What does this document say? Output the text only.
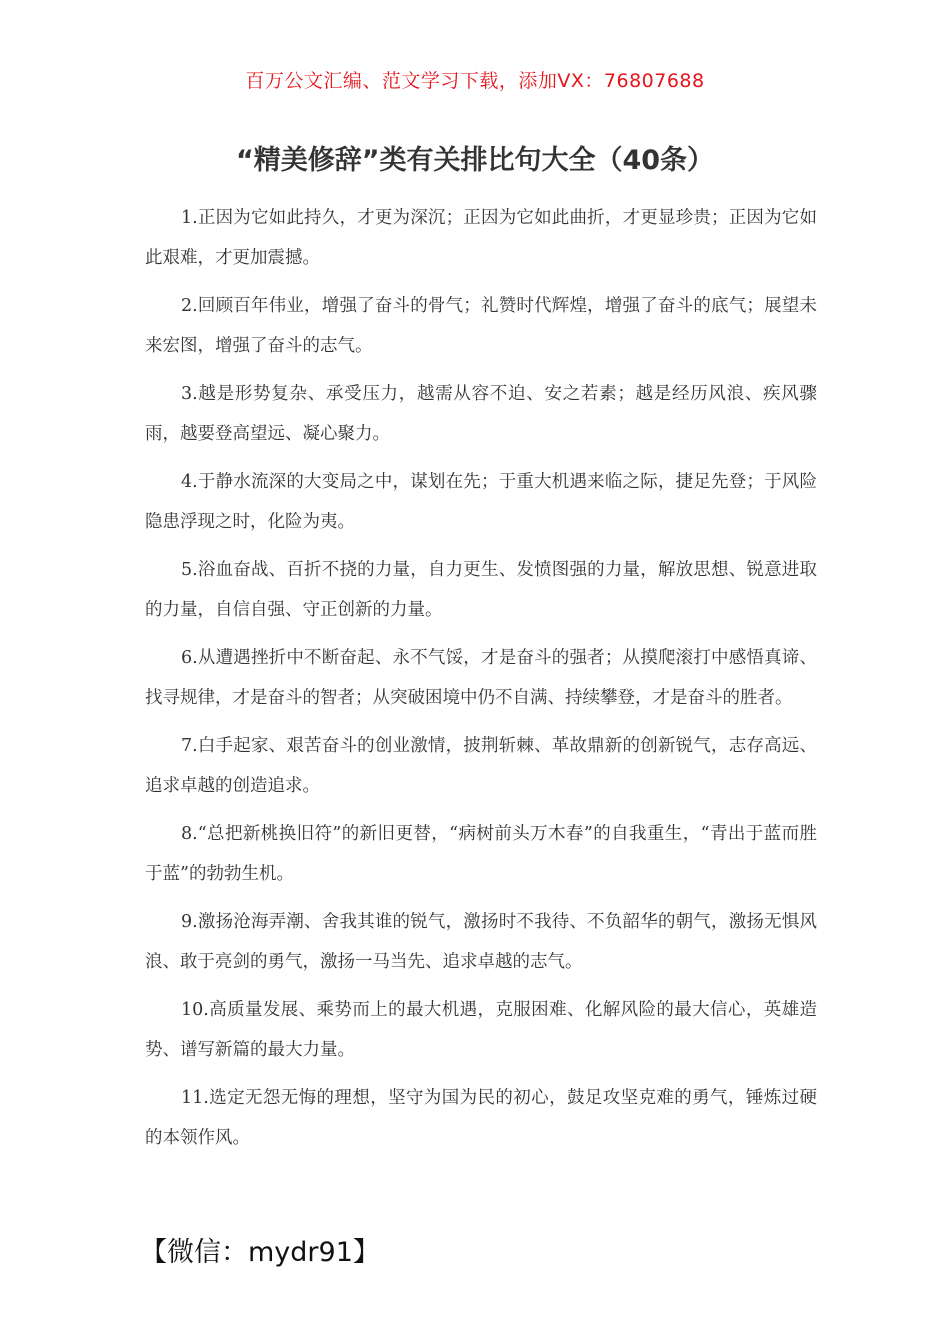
百万公文汇编、范文学习下载，添加VX：76807688
“精美修辞”类有关排比句大全（40条）

1.正因为它如此持久，才更为深沉；正因为它如此曲折，才更显珍贵；正因为它如此艰难，才更加震撼。

2.回顾百年伟业，增强了奋斗的骨气；礼赞时代辉煌，增强了奋斗的底气；展望未来宏图，增强了奋斗的志气。

3.越是形势复杂、承受压力，越需从容不迫、安之若素；越是经历风浪、疾风骤雨，越要登高望远、凝心聚力。

4.于静水流深的大变局之中，谋划在先；于重大机遇来临之际，捷足先登；于风险隐患浮现之时，化险为夷。

5.浴血奋战、百折不挠的力量，自力更生、发愤图强的力量，解放思想、锐意进取的力量，自信自强、守正创新的力量。

6.从遭遇挫折中不断奋起、永不气馁，才是奋斗的强者；从摸爬滚打中感悟真谛、找寻规律，才是奋斗的智者；从突破困境中仍不自满、持续攀登，才是奋斗的胜者。

7.白手起家、艰苦奋斗的创业激情，披荆斩棘、革故鼎新的创新锐气，志存高远、追求卓越的创造追求。

8.“总把新桃换旧符”的新旧更替，“病树前头万木春”的自我重生，“青出于蓝而胜于蓝”的勃勃生机。

9.激扬沧海弄潮、舍我其谁的锐气，激扬时不我待、不负韶华的朝气，激扬无惧风浪、敢于亮剑的勇气，激扬一马当先、追求卓越的志气。

10.高质量发展、乘势而上的最大机遇，克服困难、化解风险的最大信心，英雄造势、谱写新篇的最大力量。

11.选定无怨无悔的理想，坚守为国为民的初心，鼓足攻坚克难的勇气，锤炼过硬的本领作风。

【微信：mydr91】
